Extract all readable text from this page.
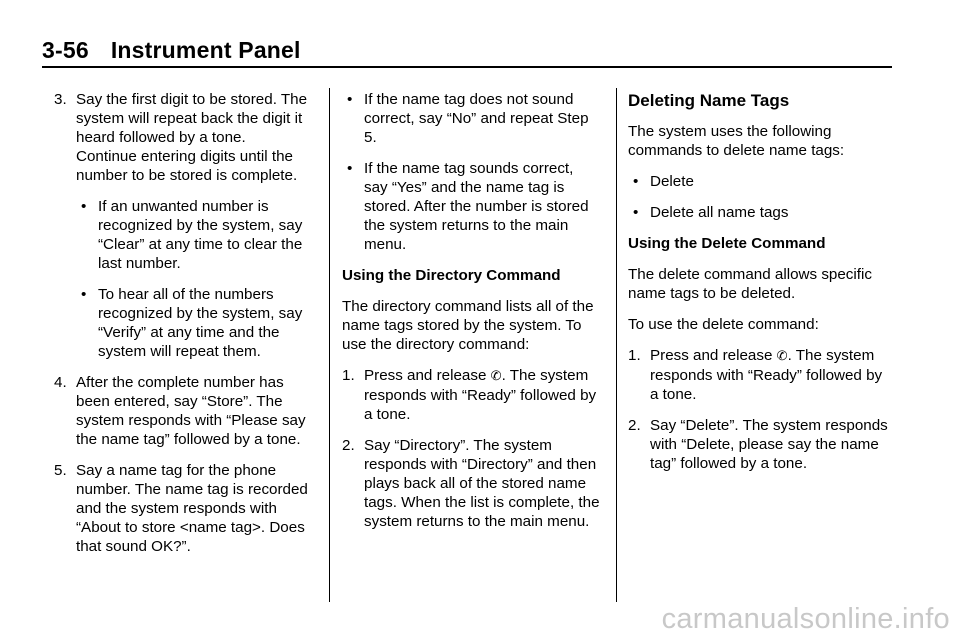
3-56 Instrument Panel
3. Say the first digit to be stored. The system will repeat back the digit it heard followed by a tone. Continue entering digits until the number to be stored is complete.
• If an unwanted number is recognized by the system, say “Clear” at any time to clear the last number.
• To hear all of the numbers recognized by the system, say “Verify” at any time and the system will repeat them.
4. After the complete number has been entered, say “Store”. The system responds with “Please say the name tag” followed by a tone.
5. Say a name tag for the phone number. The name tag is recorded and the system responds with “About to store <name tag>. Does that sound OK?”.
• If the name tag does not sound correct, say “No” and repeat Step 5.
• If the name tag sounds correct, say “Yes” and the name tag is stored. After the number is stored the system returns to the main menu.

Using the Directory Command

The directory command lists all of the name tags stored by the system. To use the directory command:

1. Press and release ✆. The system responds with “Ready” followed by a tone.
2. Say “Directory”. The system responds with “Directory” and then plays back all of the stored name tags. When the list is complete, the system returns to the main menu.
Deleting Name Tags

The system uses the following commands to delete name tags:

• Delete
• Delete all name tags

Using the Delete Command

The delete command allows specific name tags to be deleted.

To use the delete command:

1. Press and release ✆. The system responds with “Ready” followed by a tone.
2. Say “Delete”. The system responds with “Delete, please say the name tag” followed by a tone.
carmanualsonline.info
